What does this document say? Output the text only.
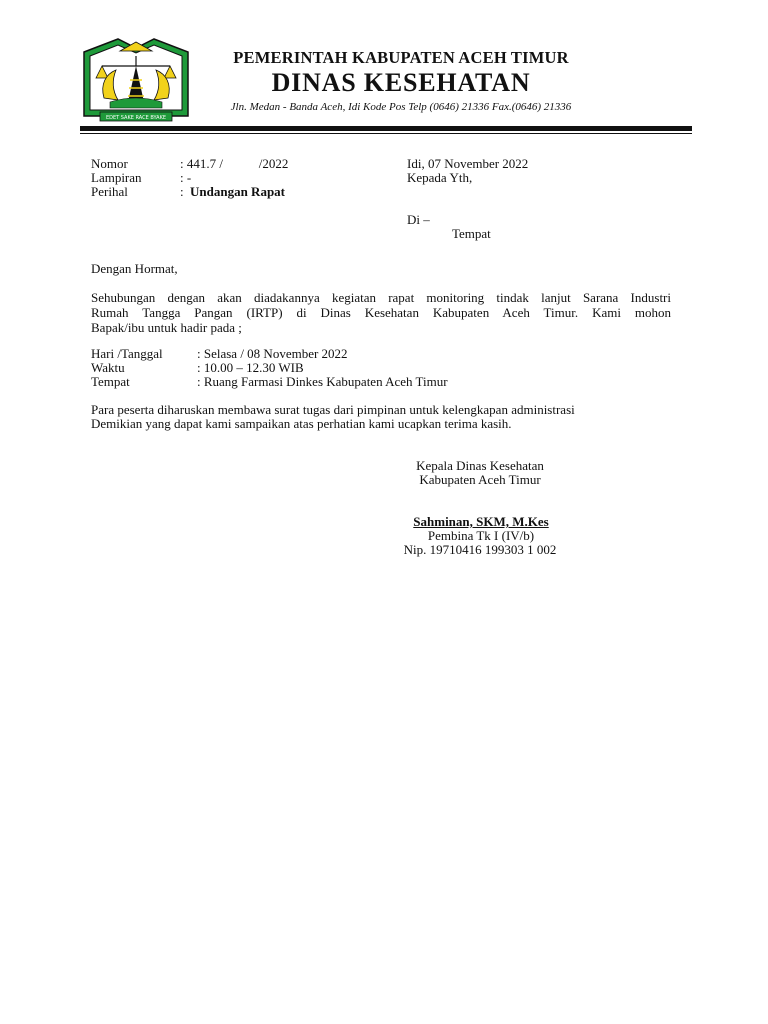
EDET SAKE RACE BYAKE
PEMERINTAH KABUPATEN ACEH TIMUR
DINAS KESEHATAN
Jln. Medan - Banda Aceh, Idi Kode Pos Telp (0646) 21336 Fax.(0646) 21336
Nomor	: 441.7 /           /2022
Lampiran	: -
Perihal	: Undangan Rapat
Idi, 07 November 2022
Kepada Yth,
Di –
Tempat
Dengan Hormat,
Sehubungan dengan akan diadakannya kegiatan rapat monitoring tindak lanjut Sarana Industri
Rumah Tangga Pangan (IRTP) di Dinas Kesehatan Kabupaten Aceh Timur. Kami mohon
Bapak/ibu untuk hadir pada ;
Hari /Tanggal	: Selasa / 08 November 2022
Waktu	: 10.00 – 12.30 WIB
Tempat	: Ruang Farmasi Dinkes Kabupaten Aceh Timur
Para peserta diharuskan membawa surat tugas dari pimpinan untuk kelengkapan administrasi
Demikian yang dapat kami sampaikan atas perhatian kami ucapkan terima kasih.
Kepala Dinas Kesehatan
Kabupaten Aceh Timur
Sahminan, SKM, M.Kes
Pembina Tk I (IV/b)
Nip. 19710416 199303 1 002
